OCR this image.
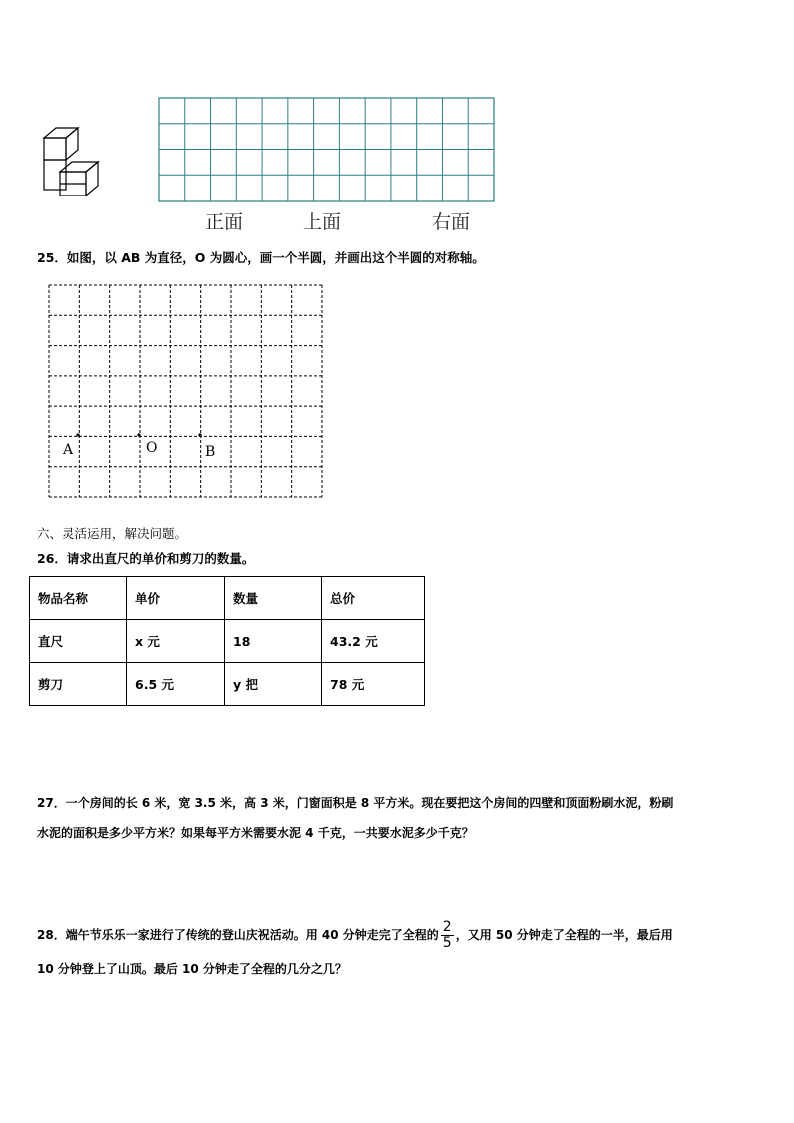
正面	上面	右面
25．如图，以 AB 为直径，O 为圆心，画一个半圆，并画出这个半圆的对称轴。
A	O	B
六、灵活运用，解决问题。
26．请求出直尺的单价和剪刀的数量。
物品名称	单价	数量	总价
直尺	x 元	18	43.2 元
剪刀	6.5 元	y 把	78 元
27．一个房间的长 6 米，宽 3.5 米，高 3 米，门窗面积是 8 平方米。现在要把这个房间的四壁和顶面粉刷水泥，粉刷
水泥的面积是多少平方米？如果每平方米需要水泥 4 千克，一共要水泥多少千克？
28．端午节乐乐一家进行了传统的登山庆祝活动。用 40 分钟走完了全程的 $\frac{2}{5}$ ，又用 50 分钟走了全程的一半，最后用
10 分钟登上了山顶。最后 10 分钟走了全程的几分之几？
